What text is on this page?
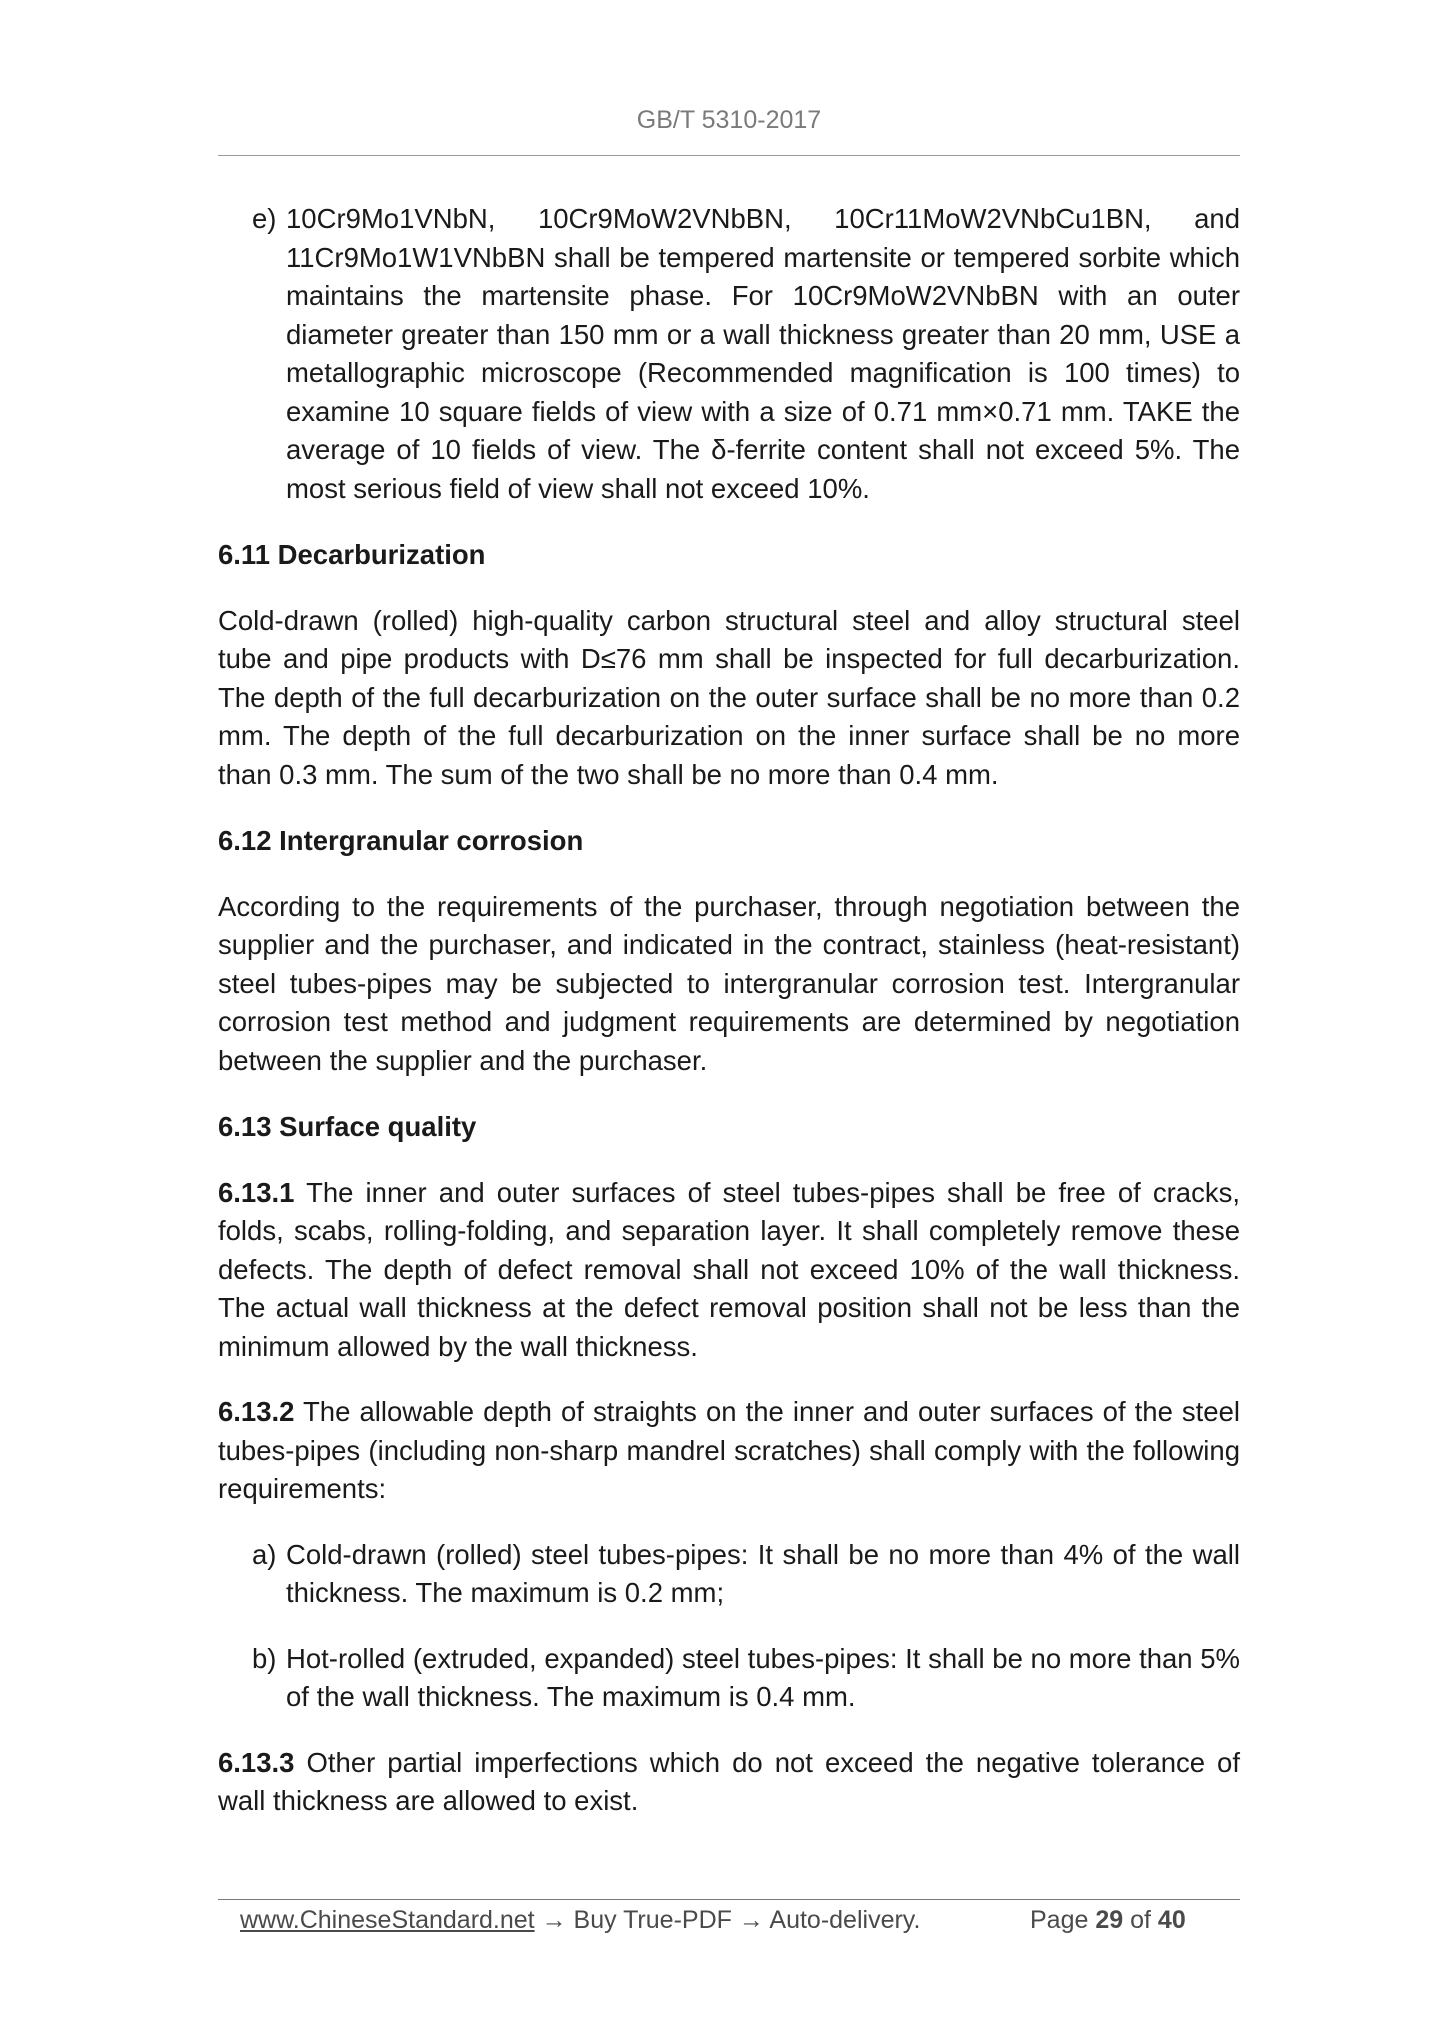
GB/T 5310-2017
e) 10Cr9Mo1VNbN, 10Cr9MoW2VNbBN, 10Cr11MoW2VNbCu1BN, and 11Cr9Mo1W1VNbBN shall be tempered martensite or tempered sorbite which maintains the martensite phase. For 10Cr9MoW2VNbBN with an outer diameter greater than 150 mm or a wall thickness greater than 20 mm, USE a metallographic microscope (Recommended magnification is 100 times) to examine 10 square fields of view with a size of 0.71 mm×0.71 mm. TAKE the average of 10 fields of view. The δ-ferrite content shall not exceed 5%. The most serious field of view shall not exceed 10%.

6.11 Decarburization

Cold-drawn (rolled) high-quality carbon structural steel and alloy structural steel tube and pipe products with D≤76 mm shall be inspected for full decarburization. The depth of the full decarburization on the outer surface shall be no more than 0.2 mm. The depth of the full decarburization on the inner surface shall be no more than 0.3 mm. The sum of the two shall be no more than 0.4 mm.

6.12 Intergranular corrosion

According to the requirements of the purchaser, through negotiation between the supplier and the purchaser, and indicated in the contract, stainless (heat-resistant) steel tubes-pipes may be subjected to intergranular corrosion test. Intergranular corrosion test method and judgment requirements are determined by negotiation between the supplier and the purchaser.

6.13 Surface quality

6.13.1 The inner and outer surfaces of steel tubes-pipes shall be free of cracks, folds, scabs, rolling-folding, and separation layer. It shall completely remove these defects. The depth of defect removal shall not exceed 10% of the wall thickness. The actual wall thickness at the defect removal position shall not be less than the minimum allowed by the wall thickness.

6.13.2 The allowable depth of straights on the inner and outer surfaces of the steel tubes-pipes (including non-sharp mandrel scratches) shall comply with the following requirements:

a) Cold-drawn (rolled) steel tubes-pipes: It shall be no more than 4% of the wall thickness. The maximum is 0.2 mm;
b) Hot-rolled (extruded, expanded) steel tubes-pipes: It shall be no more than 5% of the wall thickness. The maximum is 0.4 mm.

6.13.3 Other partial imperfections which do not exceed the negative tolerance of wall thickness are allowed to exist.

www.ChineseStandard.net → Buy True-PDF → Auto-delivery.	Page 29 of 40
